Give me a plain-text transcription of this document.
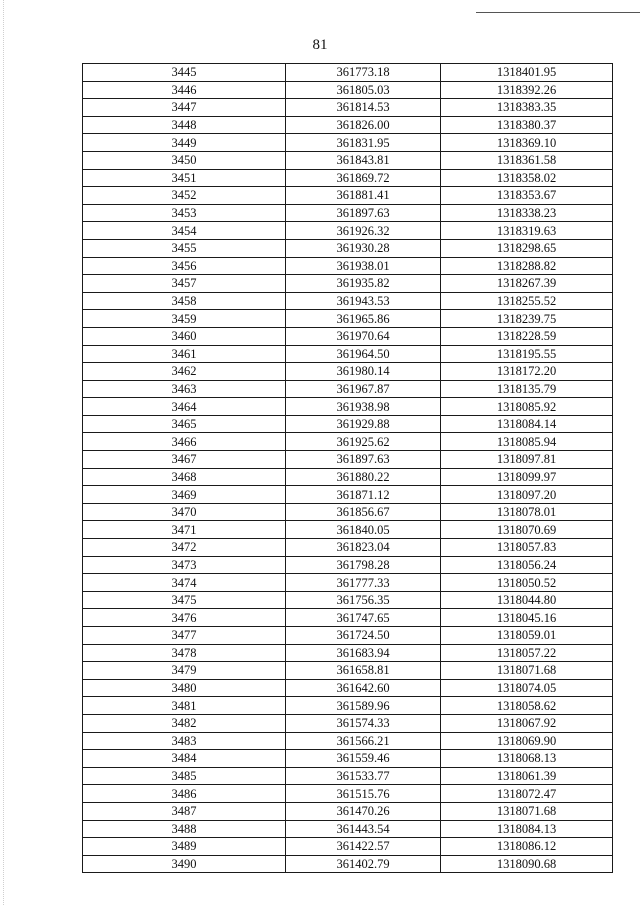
81
3445	361773.18	1318401.95
3446	361805.03	1318392.26
3447	361814.53	1318383.35
3448	361826.00	1318380.37
3449	361831.95	1318369.10
3450	361843.81	1318361.58
3451	361869.72	1318358.02
3452	361881.41	1318353.67
3453	361897.63	1318338.23
3454	361926.32	1318319.63
3455	361930.28	1318298.65
3456	361938.01	1318288.82
3457	361935.82	1318267.39
3458	361943.53	1318255.52
3459	361965.86	1318239.75
3460	361970.64	1318228.59
3461	361964.50	1318195.55
3462	361980.14	1318172.20
3463	361967.87	1318135.79
3464	361938.98	1318085.92
3465	361929.88	1318084.14
3466	361925.62	1318085.94
3467	361897.63	1318097.81
3468	361880.22	1318099.97
3469	361871.12	1318097.20
3470	361856.67	1318078.01
3471	361840.05	1318070.69
3472	361823.04	1318057.83
3473	361798.28	1318056.24
3474	361777.33	1318050.52
3475	361756.35	1318044.80
3476	361747.65	1318045.16
3477	361724.50	1318059.01
3478	361683.94	1318057.22
3479	361658.81	1318071.68
3480	361642.60	1318074.05
3481	361589.96	1318058.62
3482	361574.33	1318067.92
3483	361566.21	1318069.90
3484	361559.46	1318068.13
3485	361533.77	1318061.39
3486	361515.76	1318072.47
3487	361470.26	1318071.68
3488	361443.54	1318084.13
3489	361422.57	1318086.12
3490	361402.79	1318090.68
